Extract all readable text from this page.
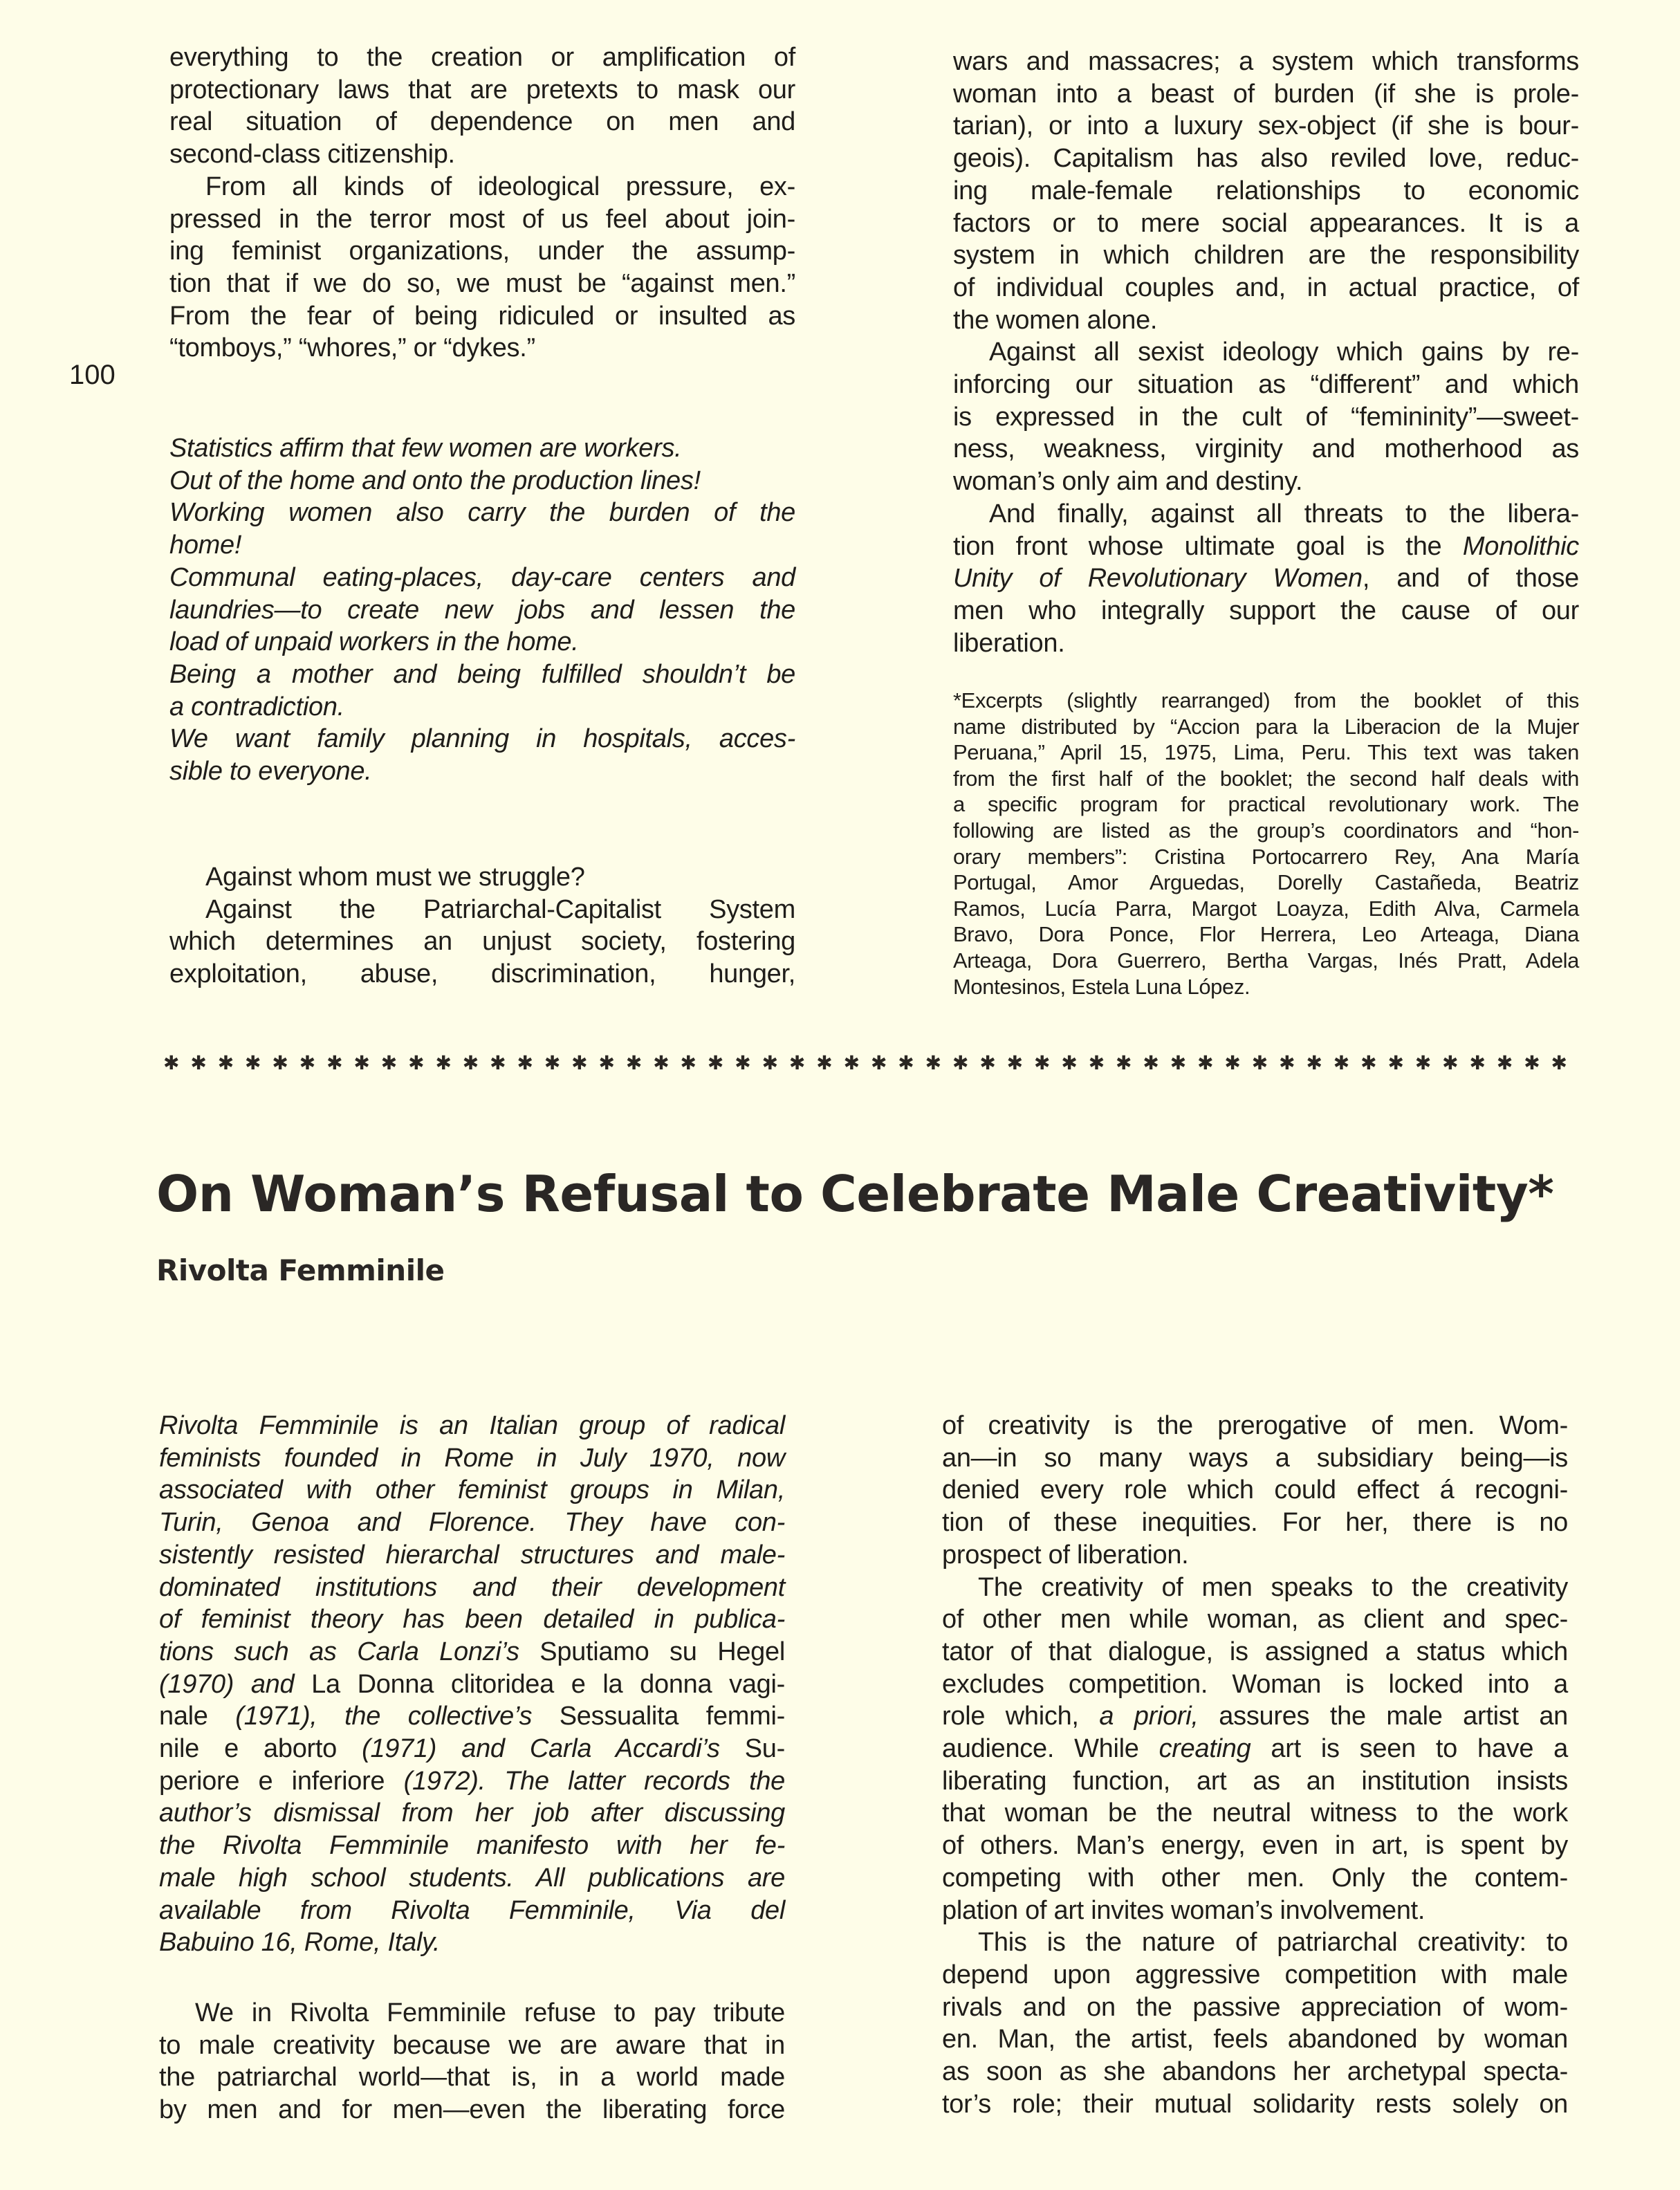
100
everything to the creation or amplification of
protectionary laws that are pretexts to mask our
real situation of dependence on men and
second-class citizenship.
From all kinds of ideological pressure, ex-
pressed in the terror most of us feel about join-
ing feminist organizations, under the assump-
tion that if we do so, we must be “against men.”
From the fear of being ridiculed or insulted as
“tomboys,” “whores,” or “dykes.”
Statistics affirm that few women are workers.
Out of the home and onto the production lines!
Working women also carry the burden of the
home!
Communal eating-places, day-care centers and
laundries—to create new jobs and lessen the
load of unpaid workers in the home.
Being a mother and being fulfilled shouldn’t be
a contradiction.
We want family planning in hospitals, acces-
sible to everyone.
Against whom must we struggle?
Against the Patriarchal-Capitalist System
which determines an unjust society, fostering
exploitation, abuse, discrimination, hunger,
wars and massacres; a system which transforms
woman into a beast of burden (if she is prole-
tarian), or into a luxury sex-object (if she is bour-
geois). Capitalism has also reviled love, reduc-
ing male-female relationships to economic
factors or to mere social appearances. It is a
system in which children are the responsibility
of individual couples and, in actual practice, of
the women alone.
Against all sexist ideology which gains by re-
inforcing our situation as “different” and which
is expressed in the cult of “femininity”—sweet-
ness, weakness, virginity and motherhood as
woman’s only aim and destiny.
And finally, against all threats to the libera-
tion front whose ultimate goal is the Monolithic
Unity of Revolutionary Women, and of those
men who integrally support the cause of our
liberation.
*Excerpts (slightly rearranged) from the booklet of this
name distributed by “Accion para la Liberacion de la Mujer
Peruana,” April 15, 1975, Lima, Peru. This text was taken
from the first half of the booklet; the second half deals with
a specific program for practical revolutionary work. The
following are listed as the group’s coordinators and “hon-
orary members”: Cristina Portocarrero Rey, Ana María
Portugal, Amor Arguedas, Dorelly Castañeda, Beatriz
Ramos, Lucía Parra, Margot Loayza, Edith Alva, Carmela
Bravo, Dora Ponce, Flor Herrera, Leo Arteaga, Diana
Arteaga, Dora Guerrero, Bertha Vargas, Inés Pratt, Adela
Montesinos, Estela Luna López.
✱ ✱ ✱ ✱ ✱ ✱ ✱ ✱ ✱ ✱ ✱ ✱ ✱ ✱ ✱ ✱ ✱ ✱ ✱ ✱ ✱ ✱ ✱ ✱ ✱ ✱ ✱ ✱ ✱ ✱ ✱ ✱ ✱ ✱ ✱ ✱ ✱ ✱ ✱ ✱ ✱ ✱ ✱ ✱ ✱ ✱ ✱ ✱ ✱ ✱ ✱ ✱
On Woman’s Refusal to Celebrate Male Creativity*
Rivolta Femminile
Rivolta Femminile is an Italian group of radical
feminists founded in Rome in July 1970, now
associated with other feminist groups in Milan,
Turin, Genoa and Florence. They have con-
sistently resisted hierarchal structures and male-
dominated institutions and their development
of feminist theory has been detailed in publica-
tions such as Carla Lonzi’s Sputiamo su Hegel
(1970) and La Donna clitoridea e la donna vagi-
nale (1971), the collective’s Sessualita femmi-
nile e aborto (1971) and Carla Accardi’s Su-
periore e inferiore (1972). The latter records the
author’s dismissal from her job after discussing
the Rivolta Femminile manifesto with her fe-
male high school students. All publications are
available from Rivolta Femminile, Via del
Babuino 16, Rome, Italy.
We in Rivolta Femminile refuse to pay tribute
to male creativity because we are aware that in
the patriarchal world—that is, in a world made
by men and for men—even the liberating force
of creativity is the prerogative of men. Wom-
an—in so many ways a subsidiary being—is
denied every role which could effect á recogni-
tion of these inequities. For her, there is no
prospect of liberation.
The creativity of men speaks to the creativity
of other men while woman, as client and spec-
tator of that dialogue, is assigned a status which
excludes competition. Woman is locked into a
role which, a priori, assures the male artist an
audience. While creating art is seen to have a
liberating function, art as an institution insists
that woman be the neutral witness to the work
of others. Man’s energy, even in art, is spent by
competing with other men. Only the contem-
plation of art invites woman’s involvement.
This is the nature of patriarchal creativity: to
depend upon aggressive competition with male
rivals and on the passive appreciation of wom-
en. Man, the artist, feels abandoned by woman
as soon as she abandons her archetypal specta-
tor’s role; their mutual solidarity rests solely on
